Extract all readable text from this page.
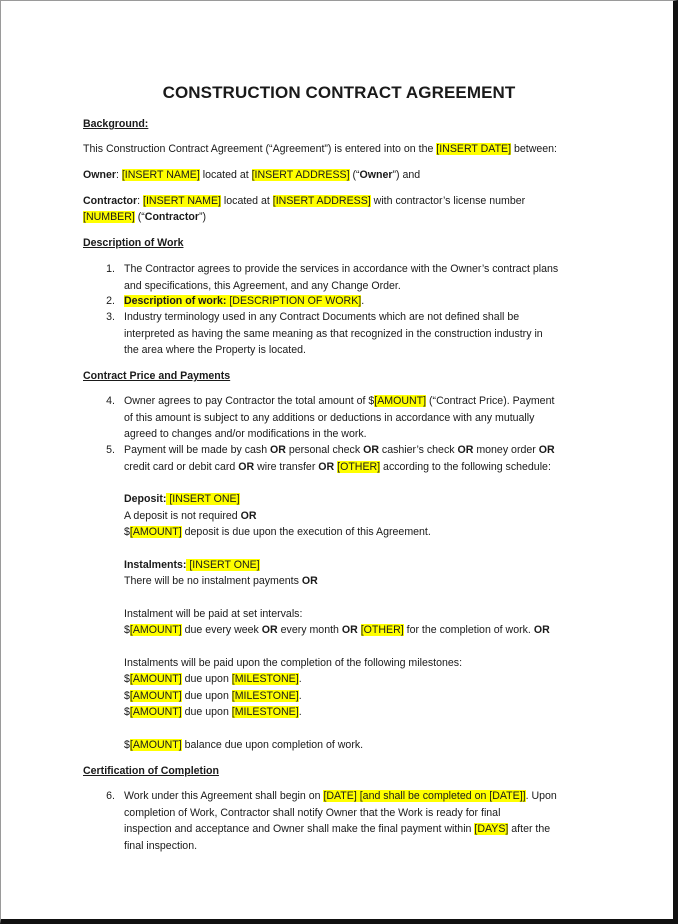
CONSTRUCTION CONTRACT AGREEMENT
Background:
This Construction Contract Agreement (“Agreement”) is entered into on the [INSERT DATE] between:
Owner: [INSERT NAME] located at [INSERT ADDRESS] (“Owner”) and
Contractor: [INSERT NAME] located at [INSERT ADDRESS] with contractor’s license number
[NUMBER] (“Contractor”)
Description of Work
1. The Contractor agrees to provide the services in accordance with the Owner’s contract plans
and specifications, this Agreement, and any Change Order.
2. Description of work: [DESCRIPTION OF WORK].
3. Industry terminology used in any Contract Documents which are not defined shall be
interpreted as having the same meaning as that recognized in the construction industry in
the area where the Property is located.
Contract Price and Payments
4. Owner agrees to pay Contractor the total amount of $[AMOUNT] (“Contract Price). Payment
of this amount is subject to any additions or deductions in accordance with any mutually
agreed to changes and/or modifications in the work.
5. Payment will be made by cash OR personal check OR cashier’s check OR money order OR
credit card or debit card OR wire transfer OR [OTHER] according to the following schedule:
Deposit: [INSERT ONE]
A deposit is not required OR
$[AMOUNT] deposit is due upon the execution of this Agreement.
Instalments: [INSERT ONE]
There will be no instalment payments OR
Instalment will be paid at set intervals:
$[AMOUNT] due every week OR every month OR [OTHER] for the completion of work. OR
Instalments will be paid upon the completion of the following milestones:
$[AMOUNT] due upon [MILESTONE].
$[AMOUNT] due upon [MILESTONE].
$[AMOUNT] due upon [MILESTONE].
$[AMOUNT] balance due upon completion of work.
Certification of Completion
6. Work under this Agreement shall begin on [DATE] [and shall be completed on [DATE]]. Upon
completion of Work, Contractor shall notify Owner that the Work is ready for final
inspection and acceptance and Owner shall make the final payment within [DAYS] after the
final inspection.
